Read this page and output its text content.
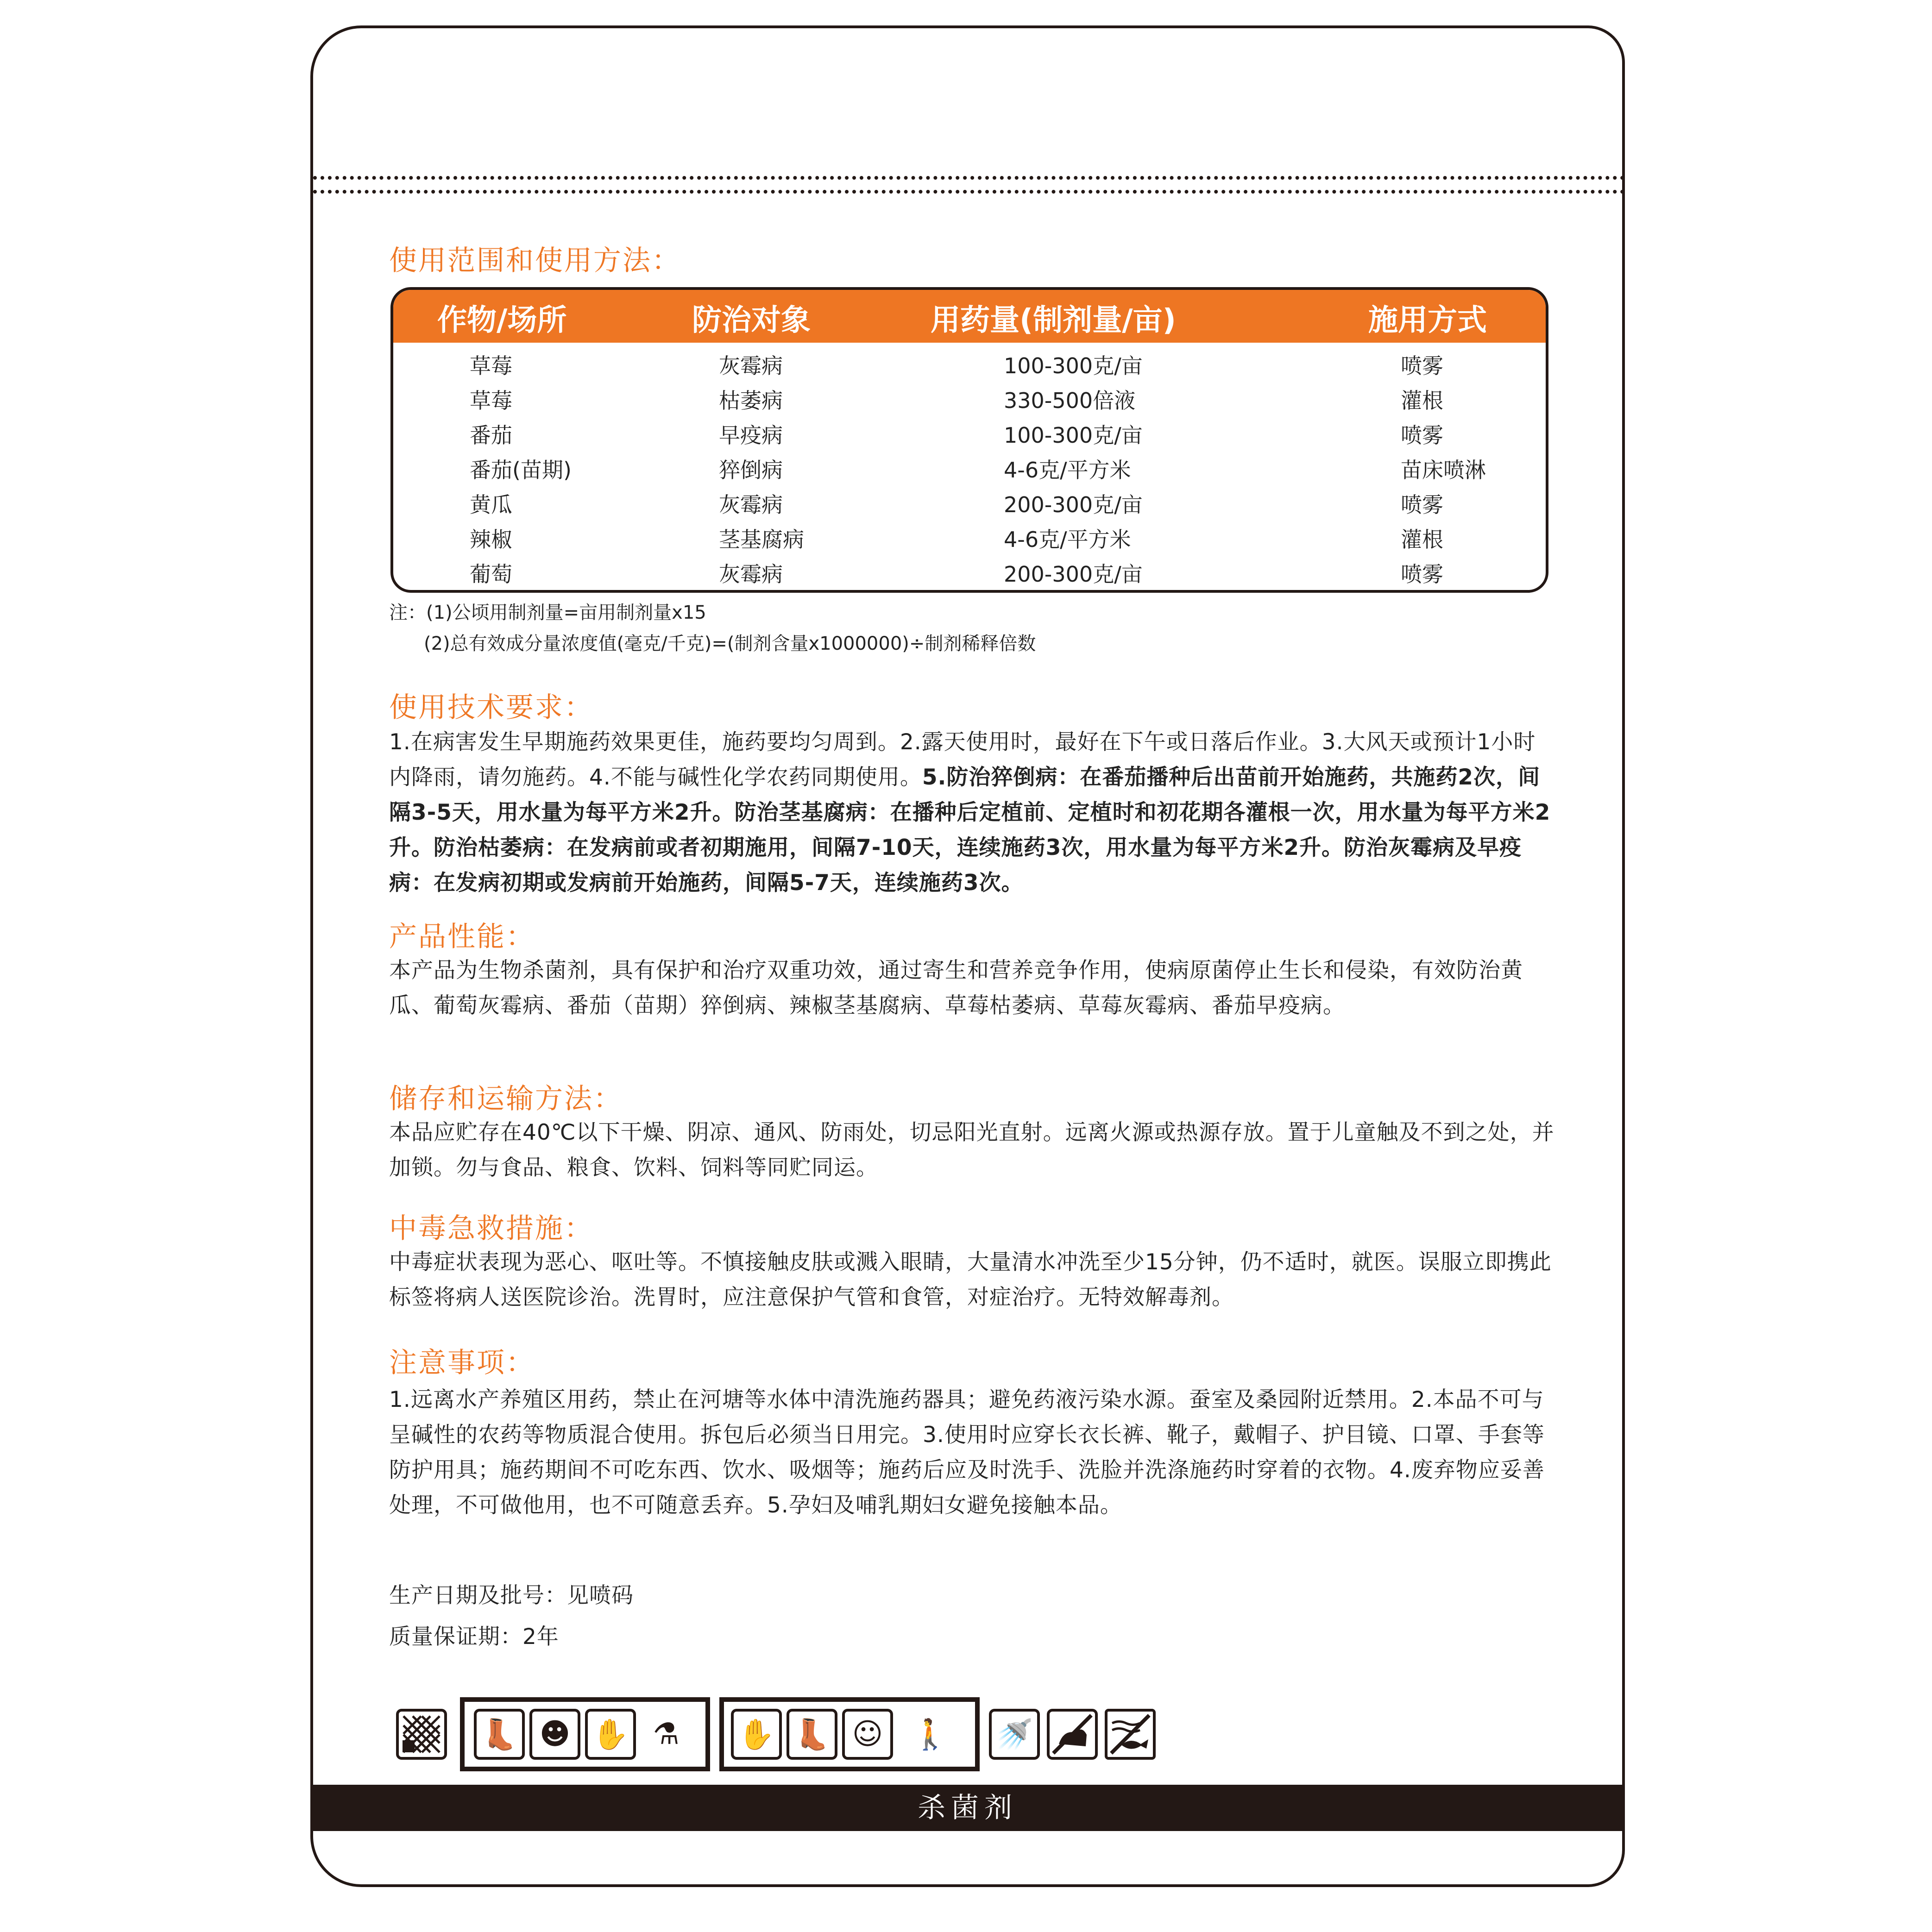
使用范围和使用方法：
作物/场所	防治对象	用药量(制剂量/亩)	施用方式
草莓	灰霉病	100-300克/亩	喷雾
草莓	枯萎病	330-500倍液	灌根
番茄	早疫病	100-300克/亩	喷雾
番茄(苗期)	猝倒病	4-6克/平方米	苗床喷淋
黄瓜	灰霉病	200-300克/亩	喷雾
辣椒	茎基腐病	4-6克/平方米	灌根
葡萄	灰霉病	200-300克/亩	喷雾
注：(1)公顷用制剂量=亩用制剂量x15
(2)总有效成分量浓度值(毫克/千克)=(制剂含量x1000000)÷制剂稀释倍数
使用技术要求：
1.在病害发生早期施药效果更佳，施药要均匀周到。2.露天使用时，最好在下午或日落后作业。3.大风天或预计1小时内降雨，请勿施药。4.不能与碱性化学农药同期使用。5.防治猝倒病：在番茄播种后出苗前开始施药，共施药2次，间隔3-5天，用水量为每平方米2升。防治茎基腐病：在播种后定植前、定植时和初花期各灌根一次，用水量为每平方米2升。防治枯萎病：在发病前或者初期施用，间隔7-10天，连续施药3次，用水量为每平方米2升。防治灰霉病及早疫病：在发病初期或发病前开始施药，间隔5-7天，连续施药3次。
产品性能：
本产品为生物杀菌剂，具有保护和治疗双重功效，通过寄生和营养竞争作用，使病原菌停止生长和侵染，有效防治黄瓜、葡萄灰霉病、番茄（苗期）猝倒病、辣椒茎基腐病、草莓枯萎病、草莓灰霉病、番茄早疫病。
储存和运输方法：
本品应贮存在40℃以下干燥、阴凉、通风、防雨处，切忌阳光直射。远离火源或热源存放。置于儿童触及不到之处，并加锁。勿与食品、粮食、饮料、饲料等同贮同运。
中毒急救措施：
中毒症状表现为恶心、呕吐等。不慎接触皮肤或溅入眼睛，大量清水冲洗至少15分钟，仍不适时，就医。误服立即携此标签将病人送医院诊治。洗胃时，应注意保护气管和食管，对症治疗。无特效解毒剂。
注意事项：
1.远离水产养殖区用药，禁止在河塘等水体中清洗施药器具；避免药液污染水源。蚕室及桑园附近禁用。2.本品不可与呈碱性的农药等物质混合使用。拆包后必须当日用完。3.使用时应穿长衣长裤、靴子，戴帽子、护目镜、口罩、手套等防护用具；施药期间不可吃东西、饮水、吸烟等；施药后应及时洗手、洗脸并洗涤施药时穿着的衣物。4.废弃物应妥善处理，不可做他用，也不可随意丢弃。5.孕妇及哺乳期妇女避免接触本品。
生产日期及批号：见喷码
质量保证期：2年
👢 ☻ ✋ ⚗	✋ 👢 ☺ 🚶 🚿
杀菌剂
